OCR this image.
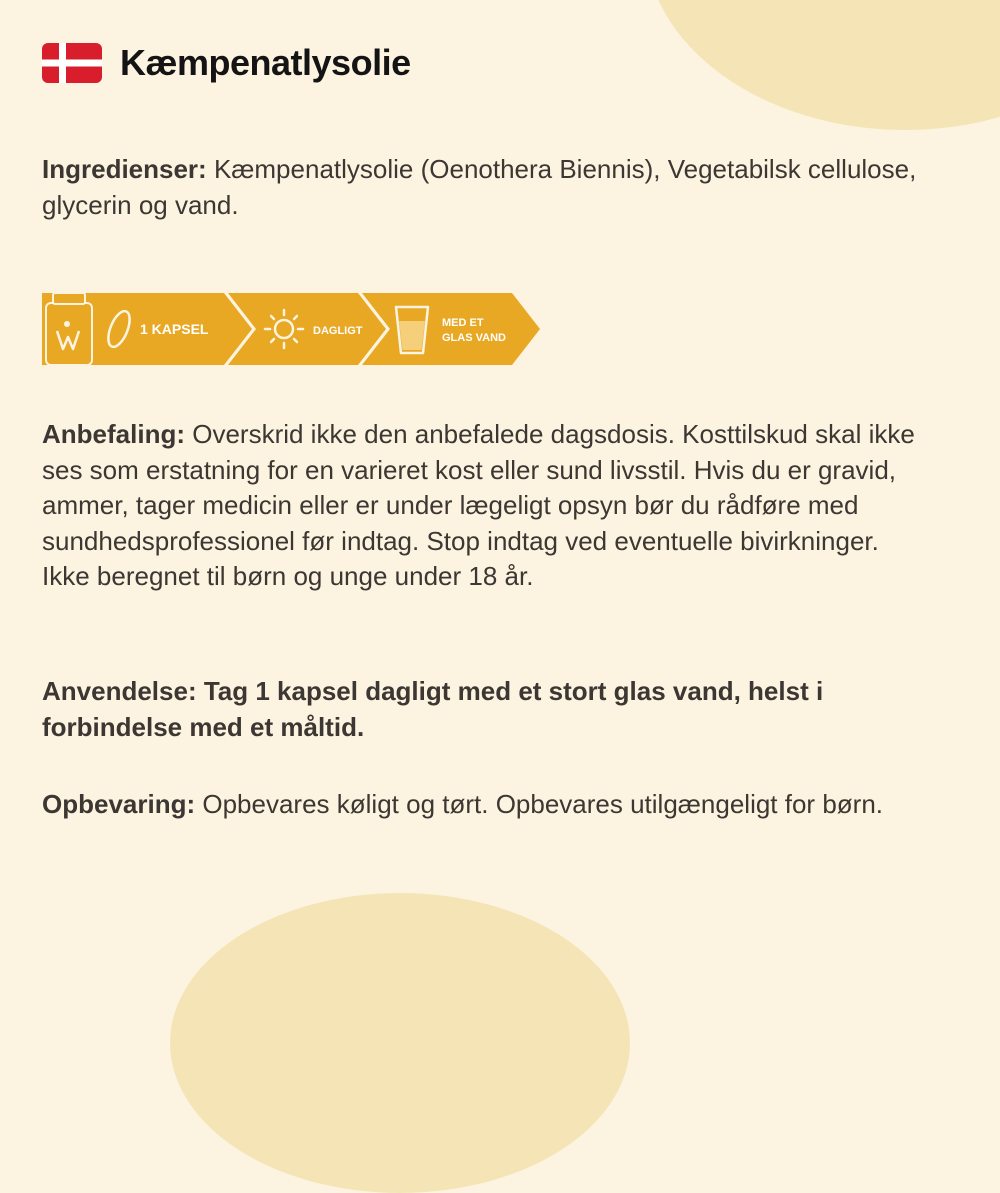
Kæmpenatlysolie

Ingredienser: Kæmpenatlysolie (Oenothera Biennis), Vegetabilsk cellulose, glycerin og vand.

1 KAPSEL	DAGLIGT
MED ET
GLAS VAND

Anbefaling: Overskrid ikke den anbefalede dagsdosis. Kosttilskud skal ikke ses som erstatning for en varieret kost eller sund livsstil. Hvis du er gravid, ammer, tager medicin eller er under lægeligt opsyn bør du rådføre med sundhedsprofessionel før indtag. Stop indtag ved eventuelle bivirkninger. Ikke beregnet til børn og unge under 18 år.

Anvendelse: Tag 1 kapsel dagligt med et stort glas vand, helst i forbindelse med et måltid.

Opbevaring: Opbevares køligt og tørt. Opbevares utilgængeligt for børn.
